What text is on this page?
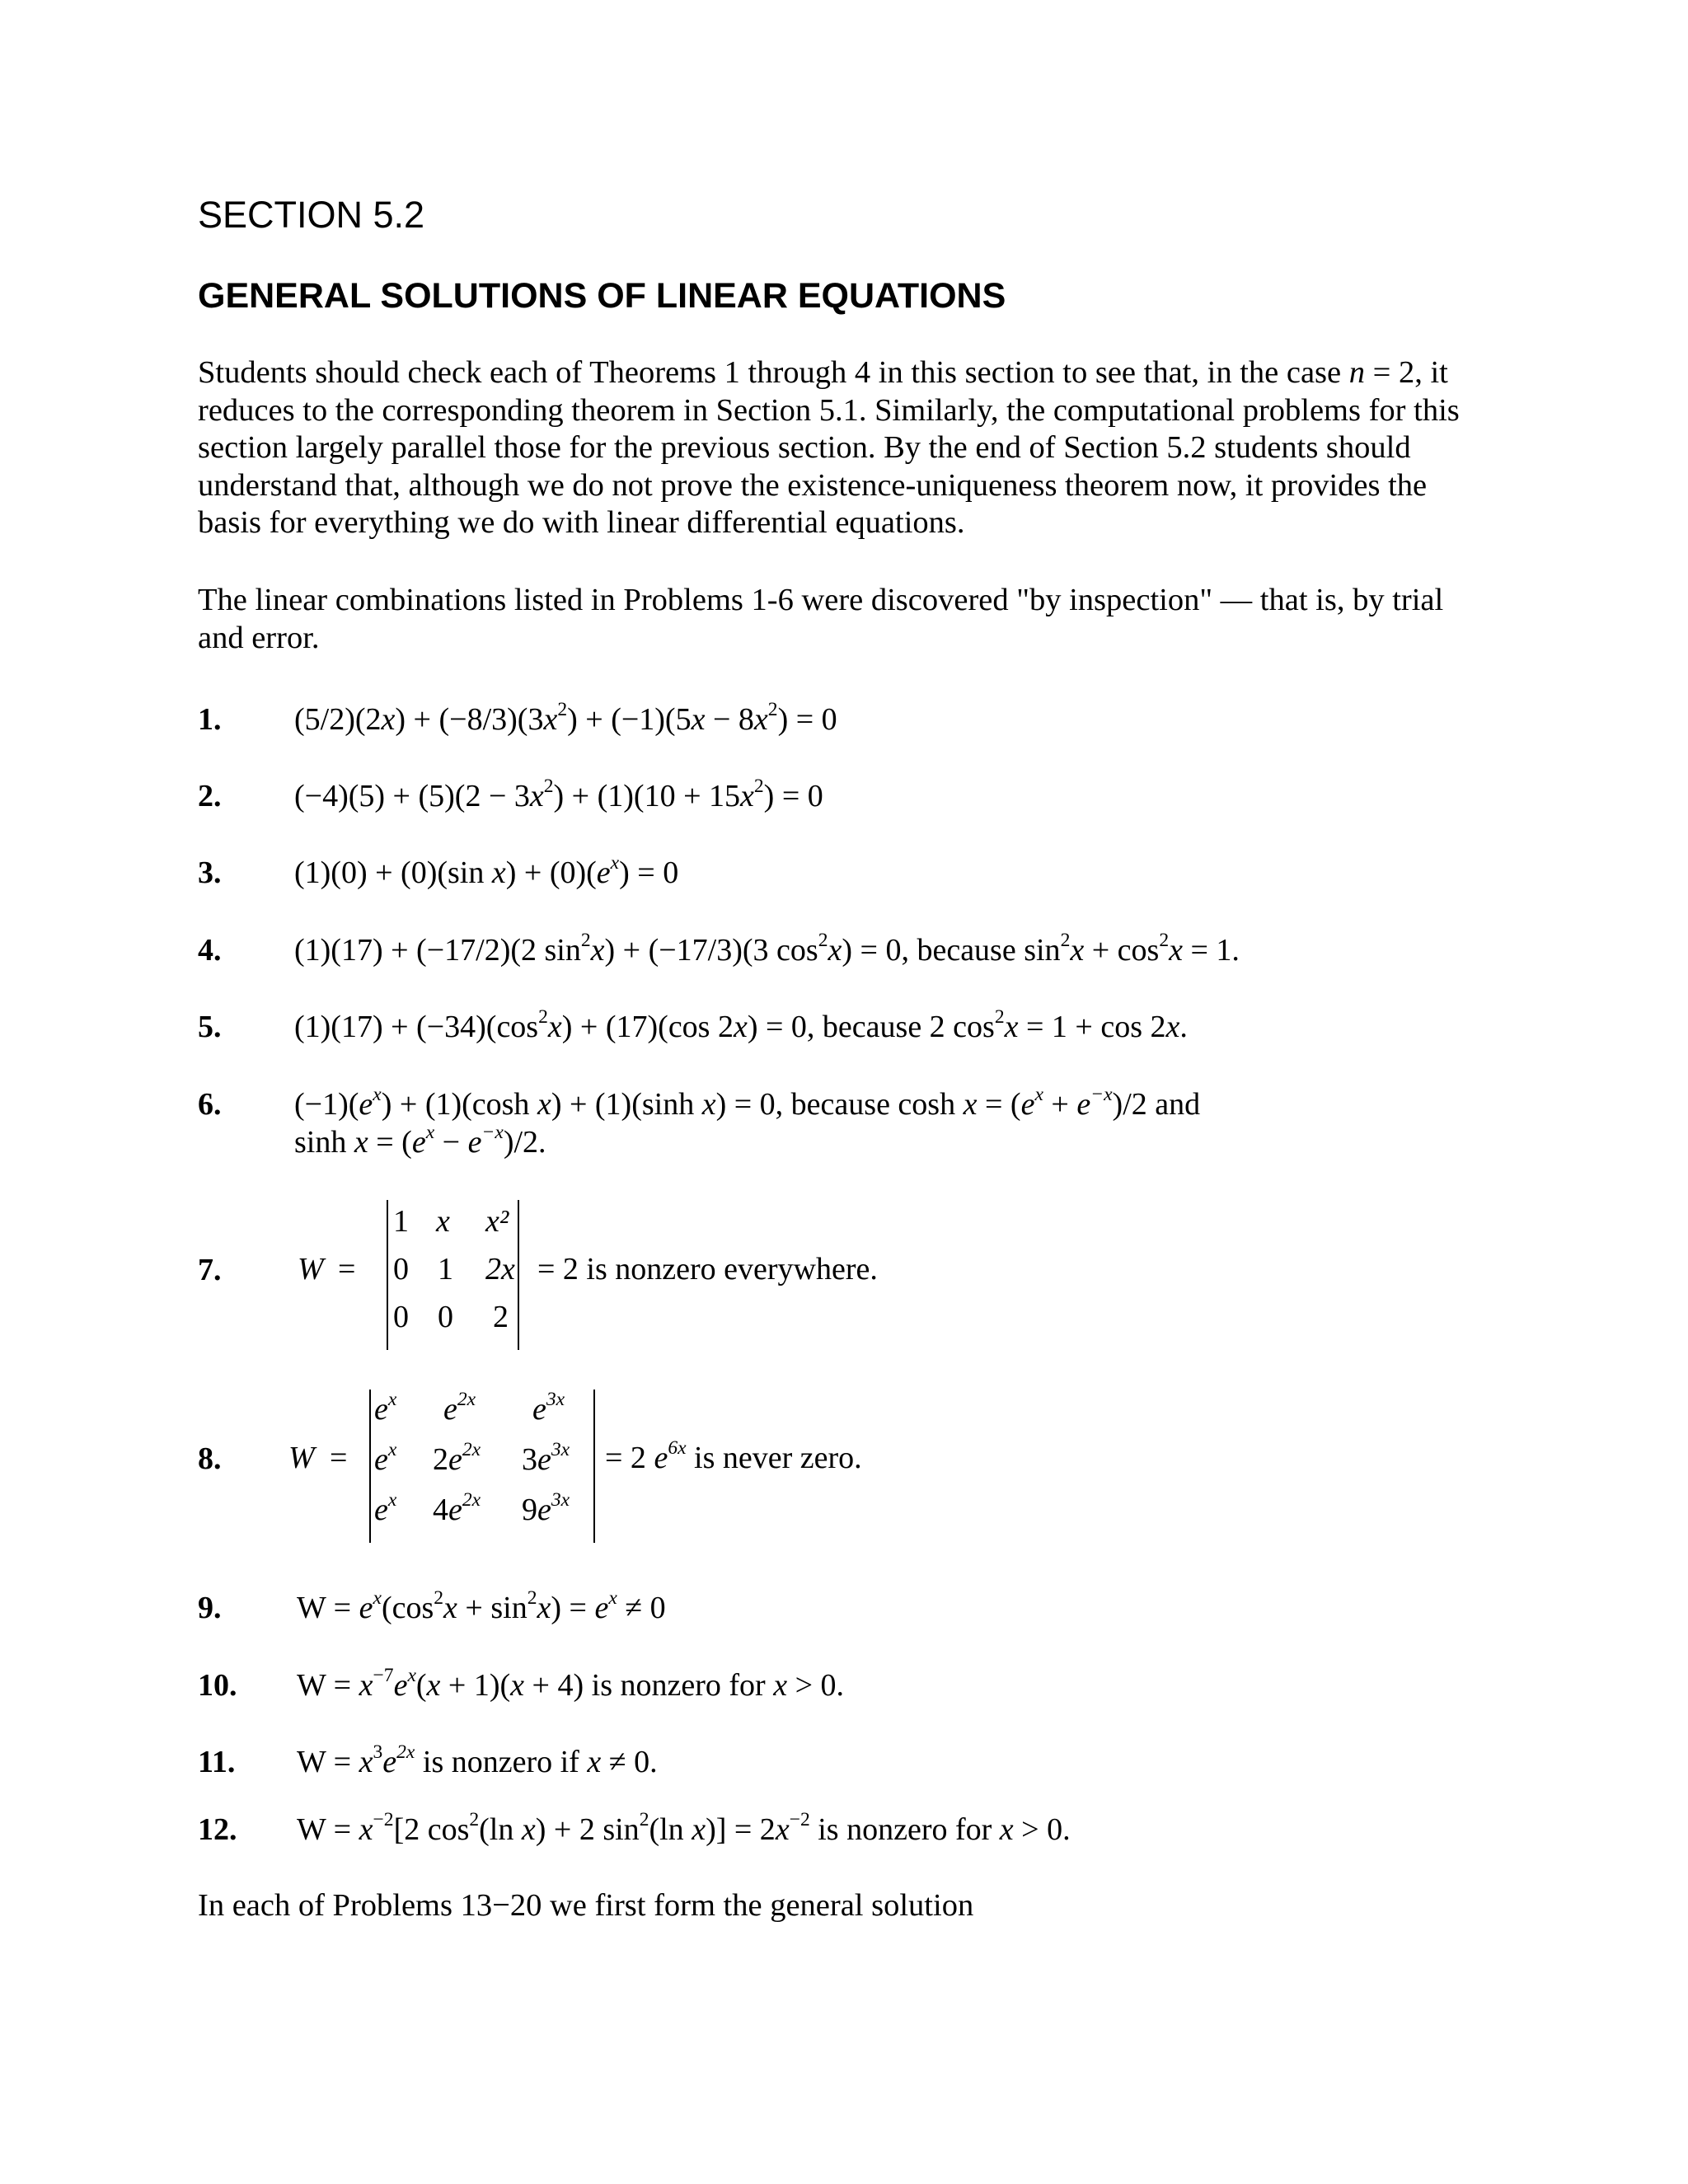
SECTION 5.2
GENERAL SOLUTIONS OF LINEAR EQUATIONS

Students should check each of Theorems 1 through 4 in this section to see that, in the case n = 2, it reduces to the corresponding theorem in Section 5.1. Similarly, the computational problems for this section largely parallel those for the previous section. By the end of Section 5.2 students should understand that, although we do not prove the existence-uniqueness theorem now, it provides the basis for everything we do with linear differential equations.

The linear combinations listed in Problems 1-6 were discovered "by inspection" — that is, by trial and error.

1. $(5/2)(2x) + (-8/3)(3x^2) + (-1)(5x - 8x^2) = 0$
2. $(-4)(5) + (5)(2 - 3x^2) + (1)(10 + 15x^2) = 0$
3. (1)(0) + (0)(sin $x) + (0)(e^x) = 0$
4. (1)(17) + (−17/2)(2 $\sin^2x) + (-17/3)(3$ $\cos^2x) = 0$, because $\sin^2x + \cos^2x = 1$.
5. $(1)(17) + (-34)(\cos^2x) + (17)(\cos$ 2x) = 0, because 2 $\cos^2x = 1 + \cos 2x$.
6. $(-1)(e^x) + (1)(\cosh$ x) + (1)(sinh x) = 0, because $\cosh x = (e^x + e^{-x})/2$ and
$\sinh x = (e^x - e^{-x})/2$.
7. W =
1 x x²
0 1 2x
0 0 2
= 2 is nonzero everywhere.
8. W =
$e^x$ $e^{2x}$ $e^{3x}$
$e^x$ $2e^{2x}$ $3e^{3x}$
$e^x$ $4e^{2x}$ $9e^{3x}$
= 2 $e^{6x}$ is never zero.
9. $W = e^x(\cos^2x + \sin^2x) = e^x \ne 0$
10. $W = x^{-7}e^x(x + 1)(x + 4)$ is nonzero for x > 0.
11. $W = x^3e^{2x}$ is nonzero if x ≠ 0.
12. $W = x^{-2}[2$ $\cos^2(\ln$ x) + 2 $\sin^2(\ln$ $x)] = 2x^{-2}$ is nonzero for x > 0.
In each of Problems 13−20 we first form the general solution
